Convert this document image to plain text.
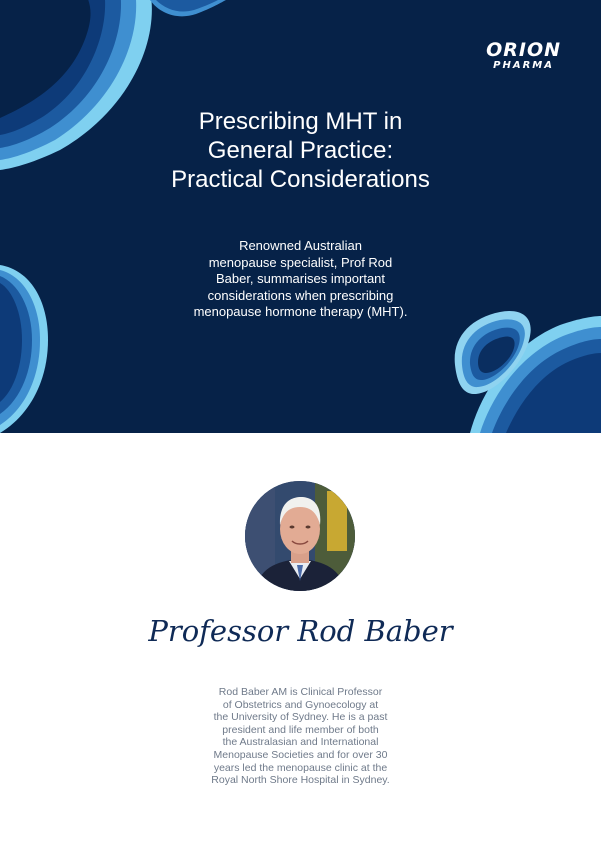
ORION
PHARMA
Prescribing MHT in
General Practice:
Practical Considerations
Renowned Australian
menopause specialist, Prof Rod
Baber, summarises important
considerations when prescribing
menopause hormone therapy (MHT).
Professor Rod Baber
Rod Baber AM is Clinical Professor
of Obstetrics and Gynoecology at
the University of Sydney. He is a past
president and life member of both
the Australasian and International
Menopause Societies and for over 30
years led the menopause clinic at the
Royal North Shore Hospital in Sydney.
